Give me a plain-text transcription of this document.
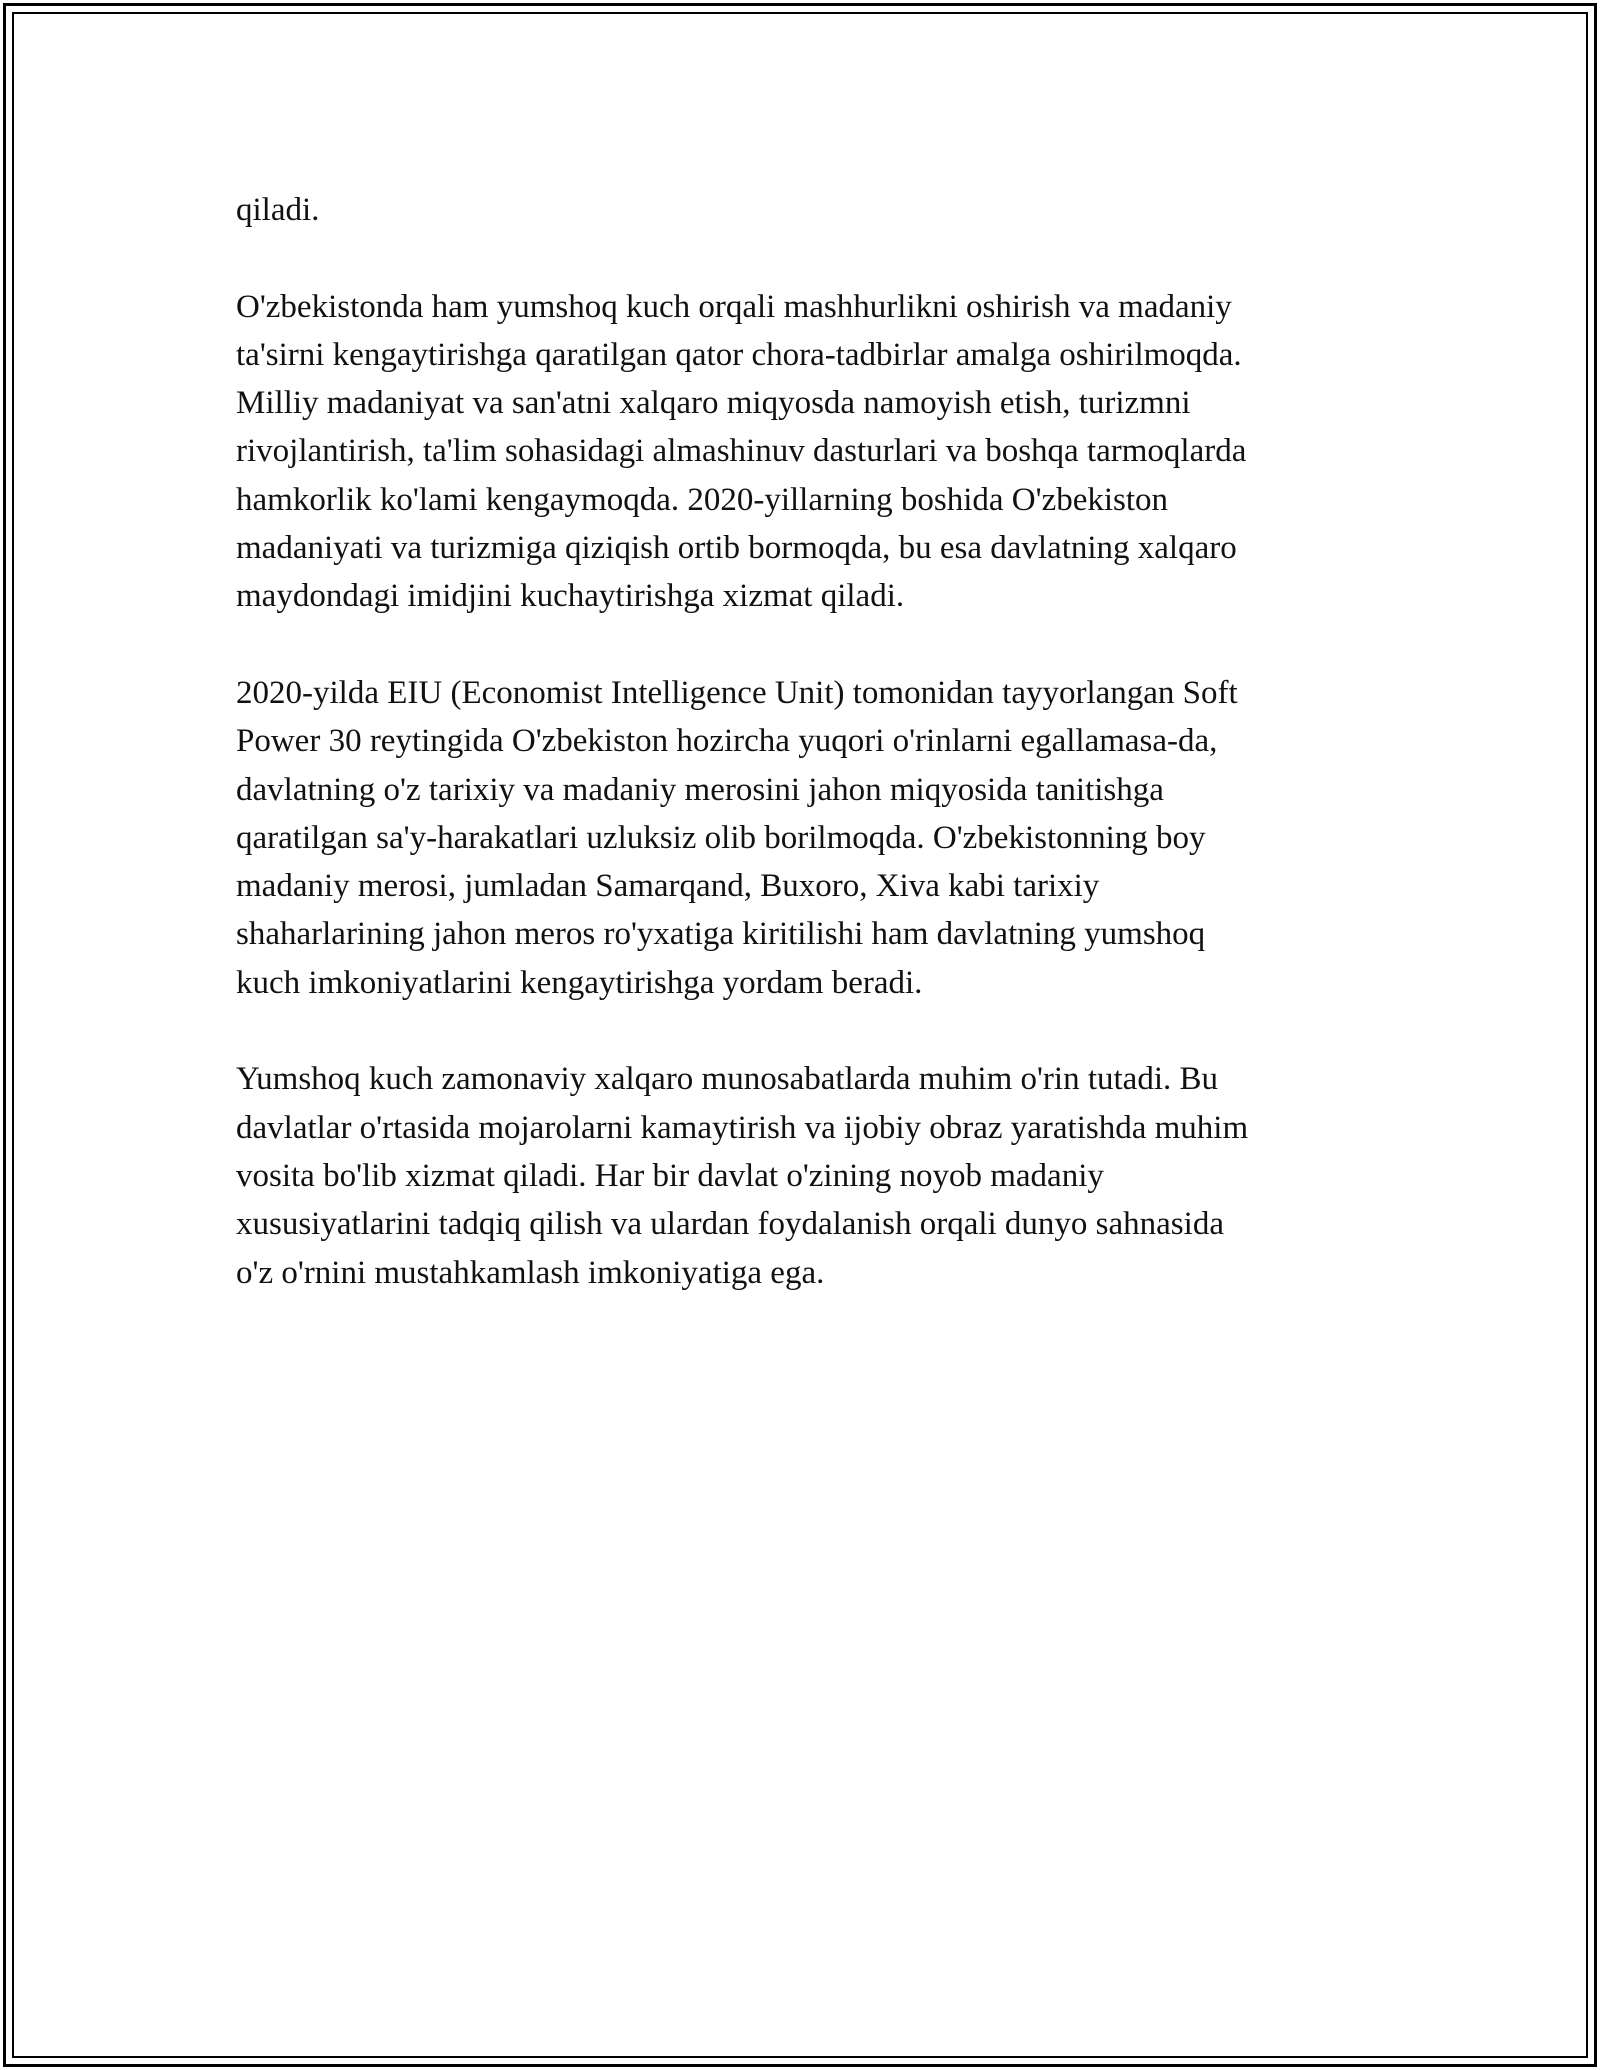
qiladi.

O'zbekistonda ham yumshoq kuch orqali mashhurlikni oshirish va madaniy
ta'sirni kengaytirishga qaratilgan qator chora-tadbirlar amalga oshirilmoqda.
Milliy madaniyat va san'atni xalqaro miqyosda namoyish etish, turizmni
rivojlantirish, ta'lim sohasidagi almashinuv dasturlari va boshqa tarmoqlarda
hamkorlik ko'lami kengaymoqda. 2020-yillarning boshida O'zbekiston
madaniyati va turizmiga qiziqish ortib bormoqda, bu esa davlatning xalqaro
maydondagi imidjini kuchaytirishga xizmat qiladi.

2020-yilda EIU (Economist Intelligence Unit) tomonidan tayyorlangan Soft
Power 30 reytingida O'zbekiston hozircha yuqori o'rinlarni egallamasa-da,
davlatning o'z tarixiy va madaniy merosini jahon miqyosida tanitishga
qaratilgan sa'y-harakatlari uzluksiz olib borilmoqda. O'zbekistonning boy
madaniy merosi, jumladan Samarqand, Buxoro, Xiva kabi tarixiy
shaharlarining jahon meros ro'yxatiga kiritilishi ham davlatning yumshoq
kuch imkoniyatlarini kengaytirishga yordam beradi.

Yumshoq kuch zamonaviy xalqaro munosabatlarda muhim o'rin tutadi. Bu
davlatlar o'rtasida mojarolarni kamaytirish va ijobiy obraz yaratishda muhim
vosita bo'lib xizmat qiladi. Har bir davlat o'zining noyob madaniy
xususiyatlarini tadqiq qilish va ulardan foydalanish orqali dunyo sahnasida
o'z o'rnini mustahkamlash imkoniyatiga ega.
